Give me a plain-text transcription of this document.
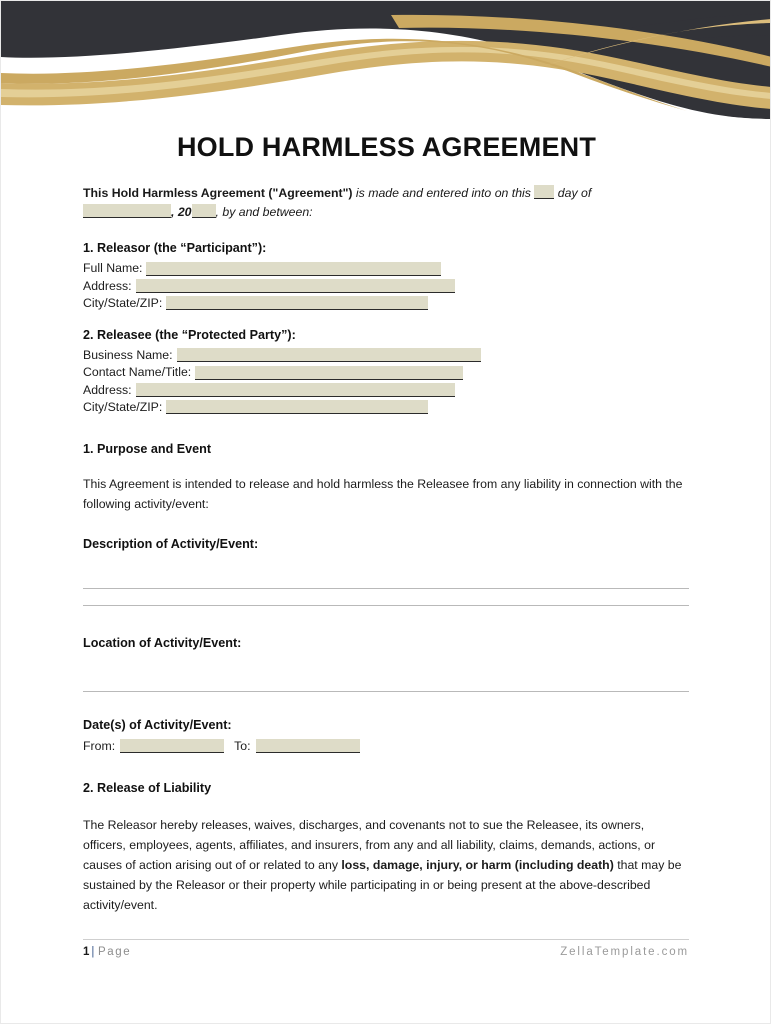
HOLD HARMLESS AGREEMENT

This Hold Harmless Agreement ("Agreement") is made and entered into on this  day of
, 20 , by and between:

1. Releasor (the “Participant”):

Full Name:
Address:
City/State/ZIP:

2. Releasee (the “Protected Party”):

Business Name:
Contact Name/Title:
Address:
City/State/ZIP:

1. Purpose and Event

This Agreement is intended to release and hold harmless the Releasee from any liability in connection with the following activity/event:

Description of Activity/Event:

Location of Activity/Event:

Date(s) of Activity/Event:

From:	To:

2. Release of Liability

The Releasor hereby releases, waives, discharges, and covenants not to sue the Releasee, its owners, officers, employees, agents, affiliates, and insurers, from any and all liability, claims, demands, actions, or causes of action arising out of or related to any loss, damage, injury, or harm (including death) that may be sustained by the Releasor or their property while participating in or being present at the above-described activity/event.

1 | Page	ZellaTemplate.com
